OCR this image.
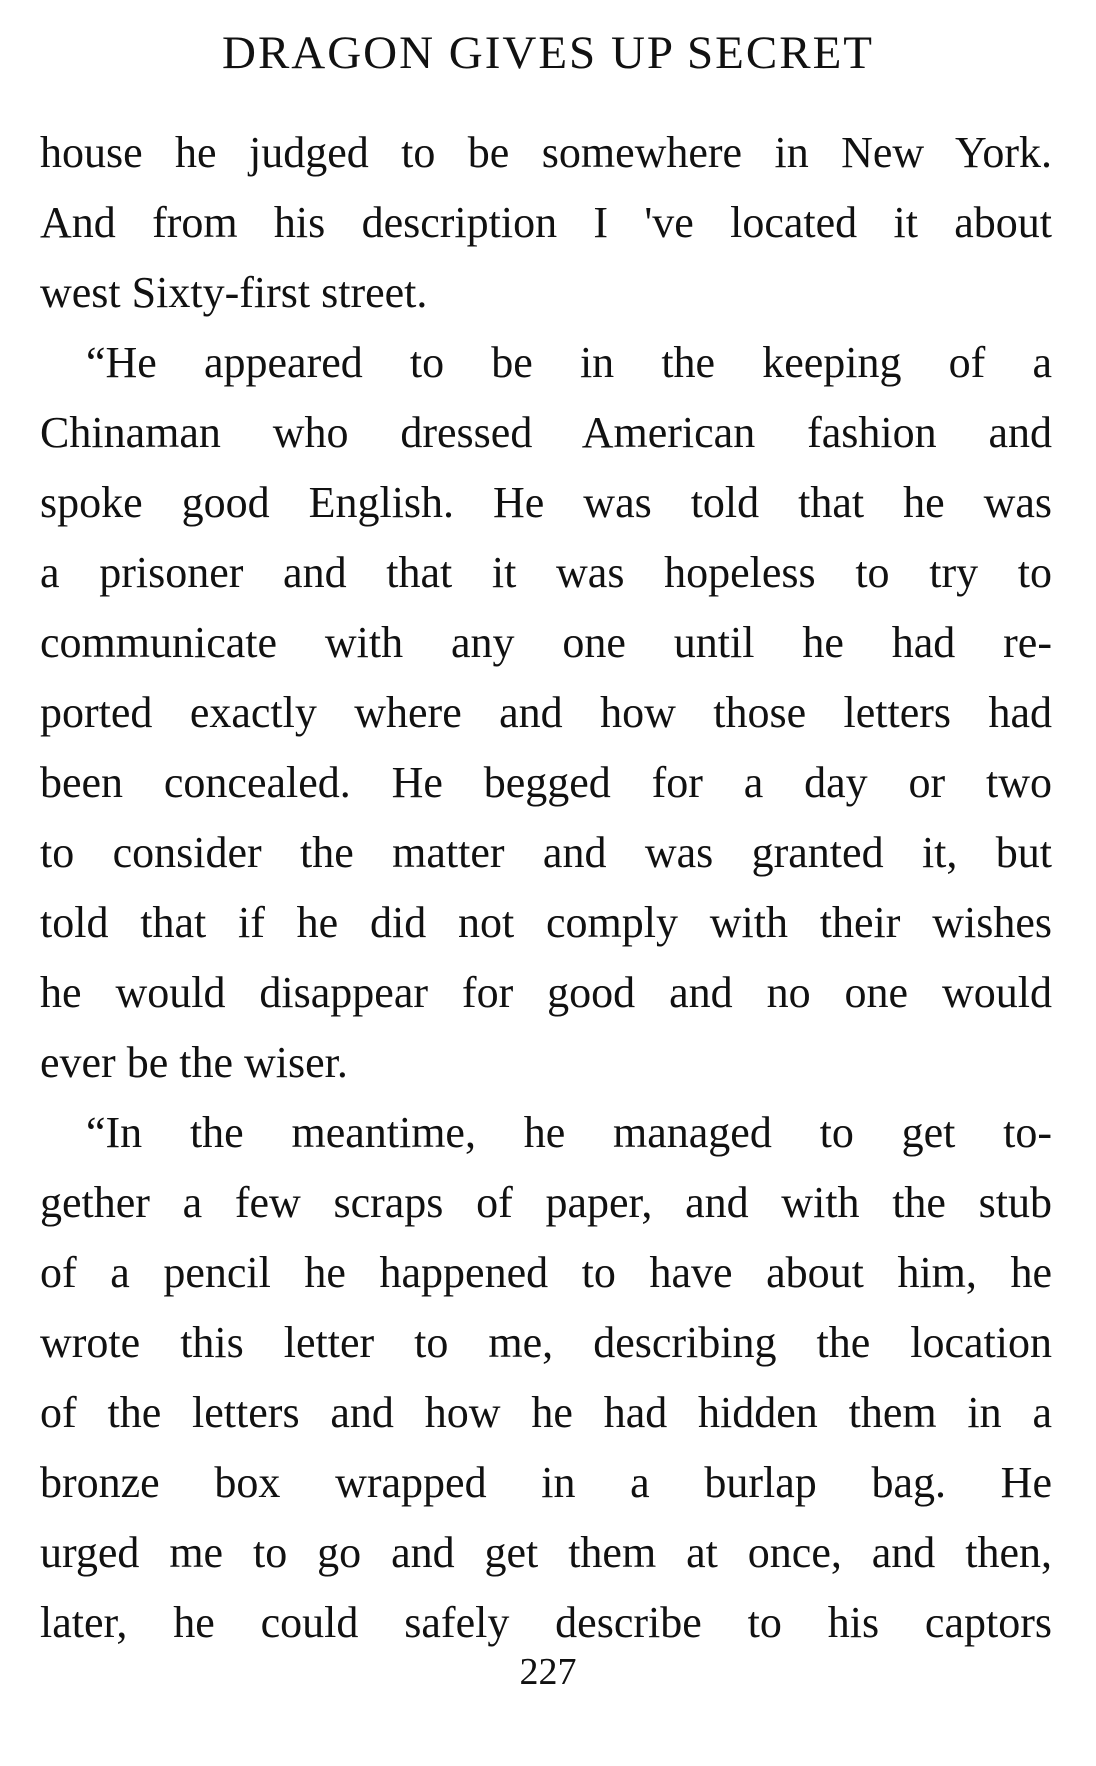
DRAGON GIVES UP SECRET
house he judged to be somewhere in New York.
And from his description I 've located it about
west Sixty-first street.
“He appeared to be in the keeping of a
Chinaman who dressed American fashion and
spoke good English. He was told that he was
a prisoner and that it was hopeless to try to
communicate with any one until he had re-
ported exactly where and how those letters had
been concealed. He begged for a day or two
to consider the matter and was granted it, but
told that if he did not comply with their wishes
he would disappear for good and no one would
ever be the wiser.
“In the meantime, he managed to get to-
gether a few scraps of paper, and with the stub
of a pencil he happened to have about him, he
wrote this letter to me, describing the location
of the letters and how he had hidden them in a
bronze box wrapped in a burlap bag. He
urged me to go and get them at once, and then,
later, he could safely describe to his captors
227
